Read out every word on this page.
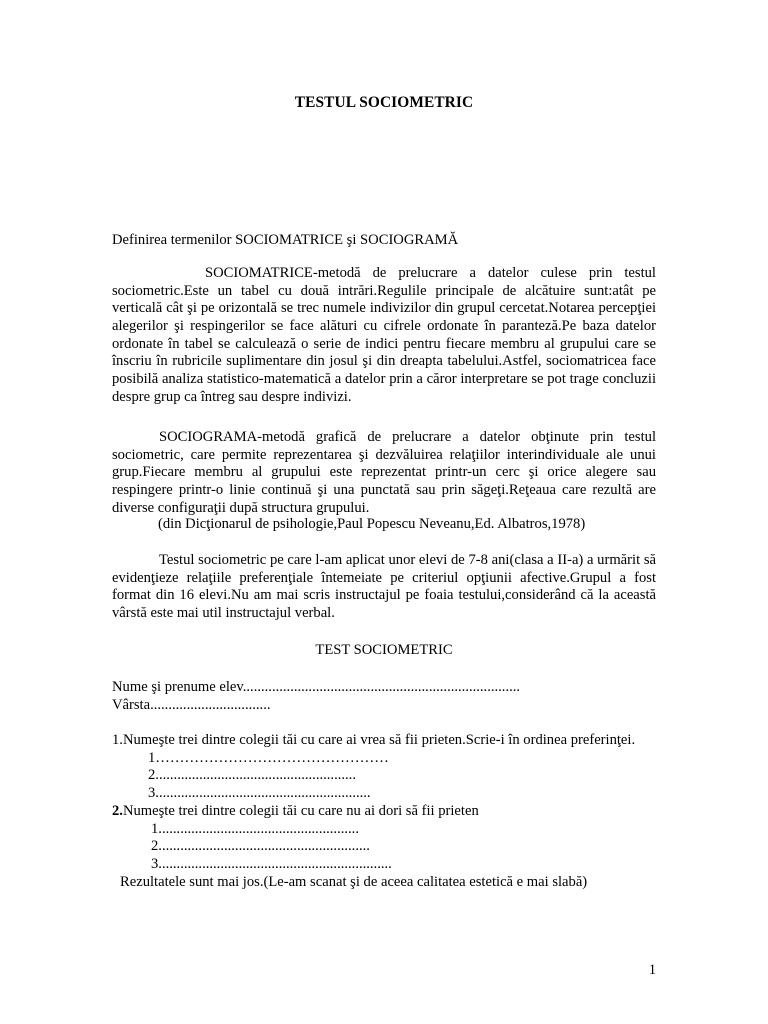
TESTUL SOCIOMETRIC
Definirea termenilor SOCIOMATRICE şi SOCIOGRAMĂ

SOCIOMATRICE-metodă de prelucrare a datelor culese prin testul sociometric.Este un tabel cu două intrări.Regulile principale de alcătuire sunt:atât pe verticală cât şi pe orizontală se trec numele indivizilor din grupul cercetat.Notarea percepţiei alegerilor şi respingerilor se face alături cu cifrele ordonate în paranteză.Pe baza datelor ordonate în tabel se calculează o serie de indici pentru fiecare membru al grupului care se înscriu în rubricile suplimentare din josul şi din dreapta tabelului.Astfel, sociomatricea face posibilă analiza statistico-matematică a datelor prin a căror interpretare se pot trage concluzii despre grup ca întreg sau despre indivizi.

SOCIOGRAMA-metodă grafică de prelucrare a datelor obţinute prin testul sociometric, care permite reprezentarea şi dezvăluirea relaţiilor interindividuale ale unui grup.Fiecare membru al grupului este reprezentat printr-un cerc şi orice alegere sau respingere printr-o linie continuă şi una punctată sau prin săgeţi.Reţeaua care rezultă are diverse configuraţii după structura grupului.

(din Dicţionarul de psihologie,Paul Popescu Neveanu,Ed. Albatros,1978)

Testul sociometric pe care l-am aplicat unor elevi de 7-8 ani(clasa a II-a) a urmărit să evidenţieze relaţiile preferenţiale întemeiate pe criteriul opţiunii afective.Grupul a fost format din 16 elevi.Nu am mai scris instructajul pe foaia testului,considerând că la această vârstă este mai util instructajul verbal.

TEST SOCIOMETRIC
Nume şi prenume elev............................................................................
Vârsta.................................
1.Numeşte trei dintre colegii tăi cu care ai vrea să fii prieten.Scrie-i în ordinea preferinţei.
1…………………………………………
2.......................................................
3...........................................................
2.Numeşte trei dintre colegii tăi cu care nu ai dori să fii prieten
1.......................................................
2..........................................................
3................................................................
Rezultatele sunt mai jos.(Le-am scanat şi de aceea calitatea estetică e mai slabă)
1
